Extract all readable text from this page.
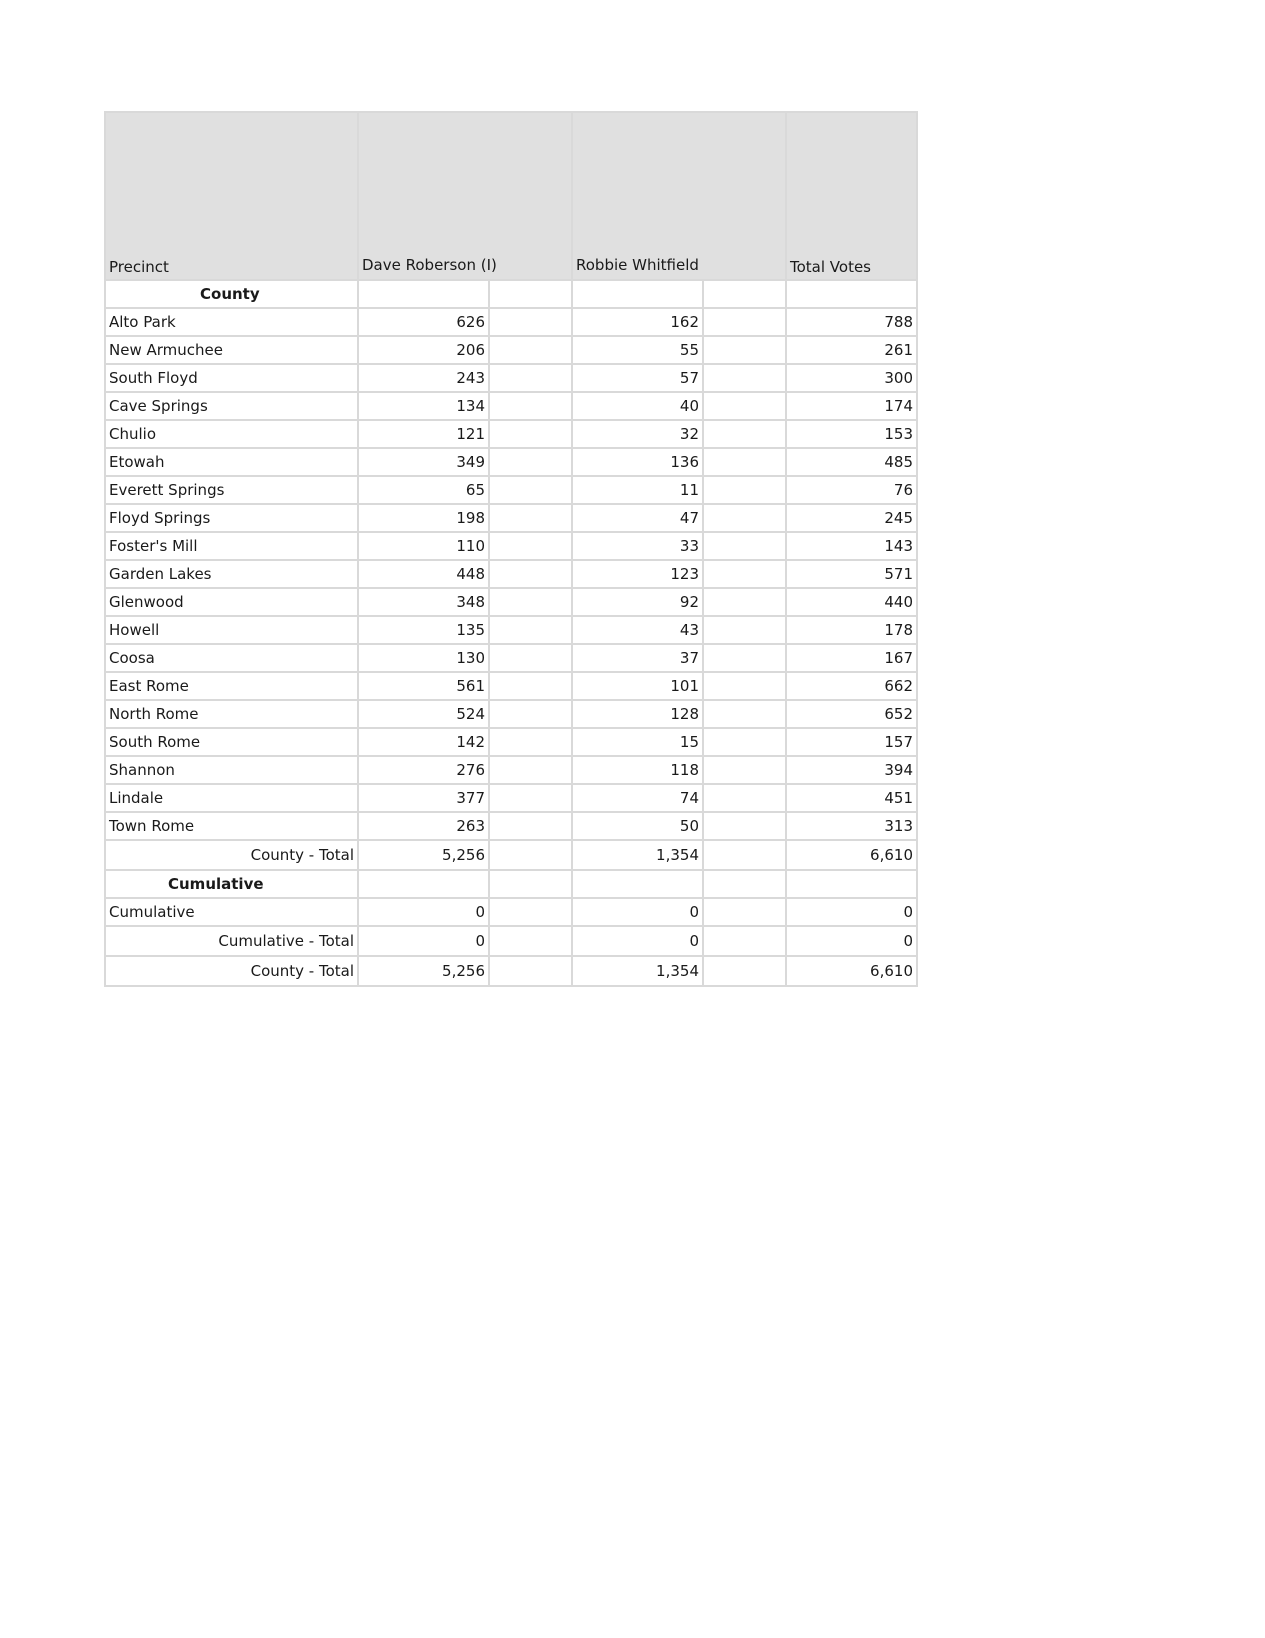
Precinct	Dave Roberson (I)		Robbie Whitfield		Total Votes
County					
Alto Park	626		162		788
New Armuchee	206		55		261
South Floyd	243		57		300
Cave Springs	134		40		174
Chulio	121		32		153
Etowah	349		136		485
Everett Springs	65		11		76
Floyd Springs	198		47		245
Foster's Mill	110		33		143
Garden Lakes	448		123		571
Glenwood	348		92		440
Howell	135		43		178
Coosa	130		37		167
East Rome	561		101		662
North Rome	524		128		652
South Rome	142		15		157
Shannon	276		118		394
Lindale	377		74		451
Town Rome	263		50		313
County - Total	5,256		1,354		6,610
Cumulative					
Cumulative	0		0		0
Cumulative - Total	0		0		0
County - Total	5,256		1,354		6,610
